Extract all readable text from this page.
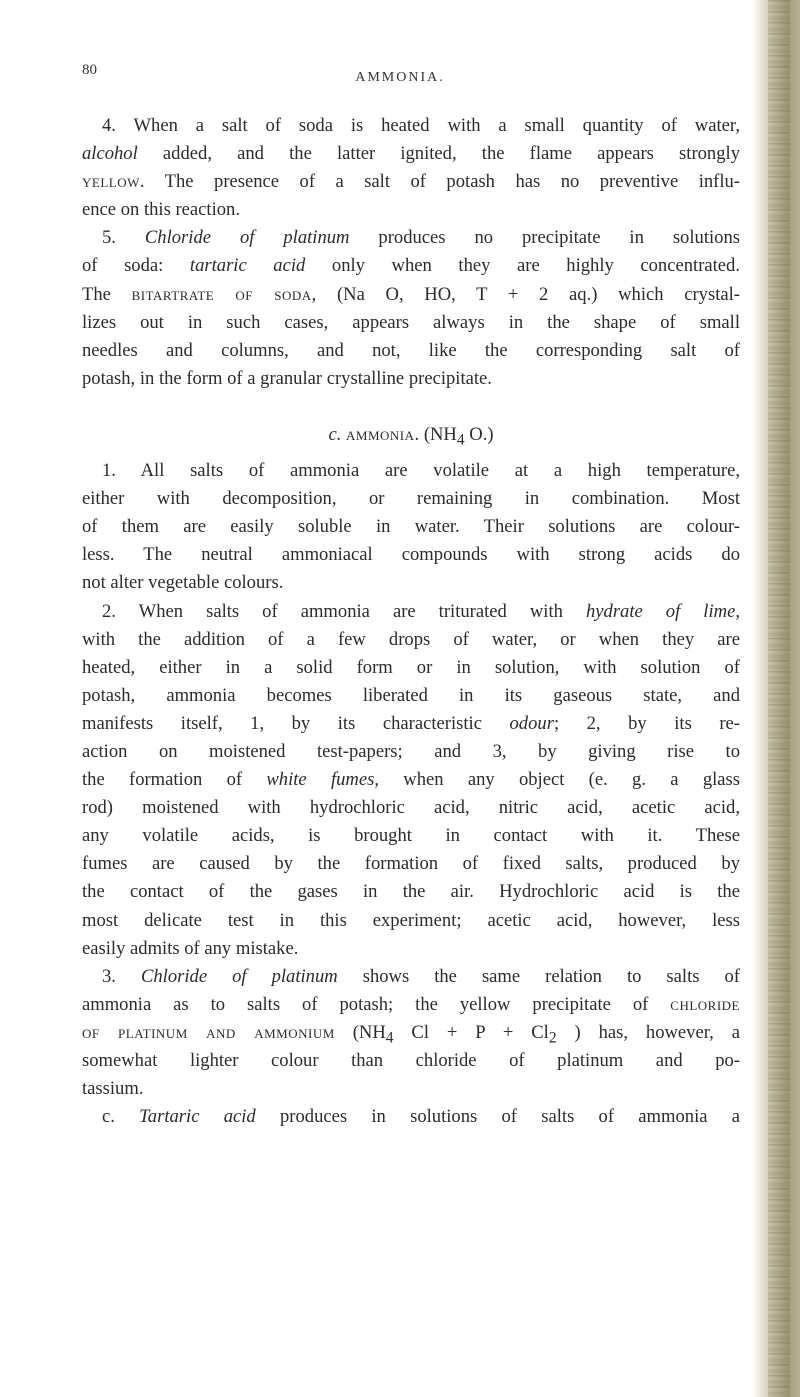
80	AMMONIA.
4. When a salt of soda is heated with a small quantity of water,
alcohol added, and the latter ignited, the flame appears strongly
yellow. The presence of a salt of potash has no preventive influ-
ence on this reaction.
5. Chloride of platinum produces no precipitate in solutions
of soda: tartaric acid only when they are highly concentrated.
The bitartrate of soda, (Na O, HO, T + 2 aq.) which crystal-
lizes out in such cases, appears always in the shape of small
needles and columns, and not, like the corresponding salt of
potash, in the form of a granular crystalline precipitate.
c. ammonia. ($NH_4$ O.)
1. All salts of ammonia are volatile at a high temperature,
either with decomposition, or remaining in combination. Most
of them are easily soluble in water. Their solutions are colour-
less. The neutral ammoniacal compounds with strong acids do
not alter vegetable colours.
2. When salts of ammonia are triturated with hydrate of lime,
with the addition of a few drops of water, or when they are
heated, either in a solid form or in solution, with solution of
potash, ammonia becomes liberated in its gaseous state, and
manifests itself, 1, by its characteristic odour; 2, by its re-
action on moistened test-papers; and 3, by giving rise to
the formation of white fumes, when any object (e. g. a glass
rod) moistened with hydrochloric acid, nitric acid, acetic acid,
any volatile acids, is brought in contact with it. These
fumes are caused by the formation of fixed salts, produced by
the contact of the gases in the air. Hydrochloric acid is the
most delicate test in this experiment; acetic acid, however, less
easily admits of any mistake.
3. Chloride of platinum shows the same relation to salts of
ammonia as to salts of potash; the yellow precipitate of chloride
of platinum and ammonium ($NH_4$ $Cl + P + Cl_2$ ) has, however, a
somewhat lighter colour than chloride of platinum and po-
tassium.
c. Tartaric acid produces in solutions of salts of ammonia a
